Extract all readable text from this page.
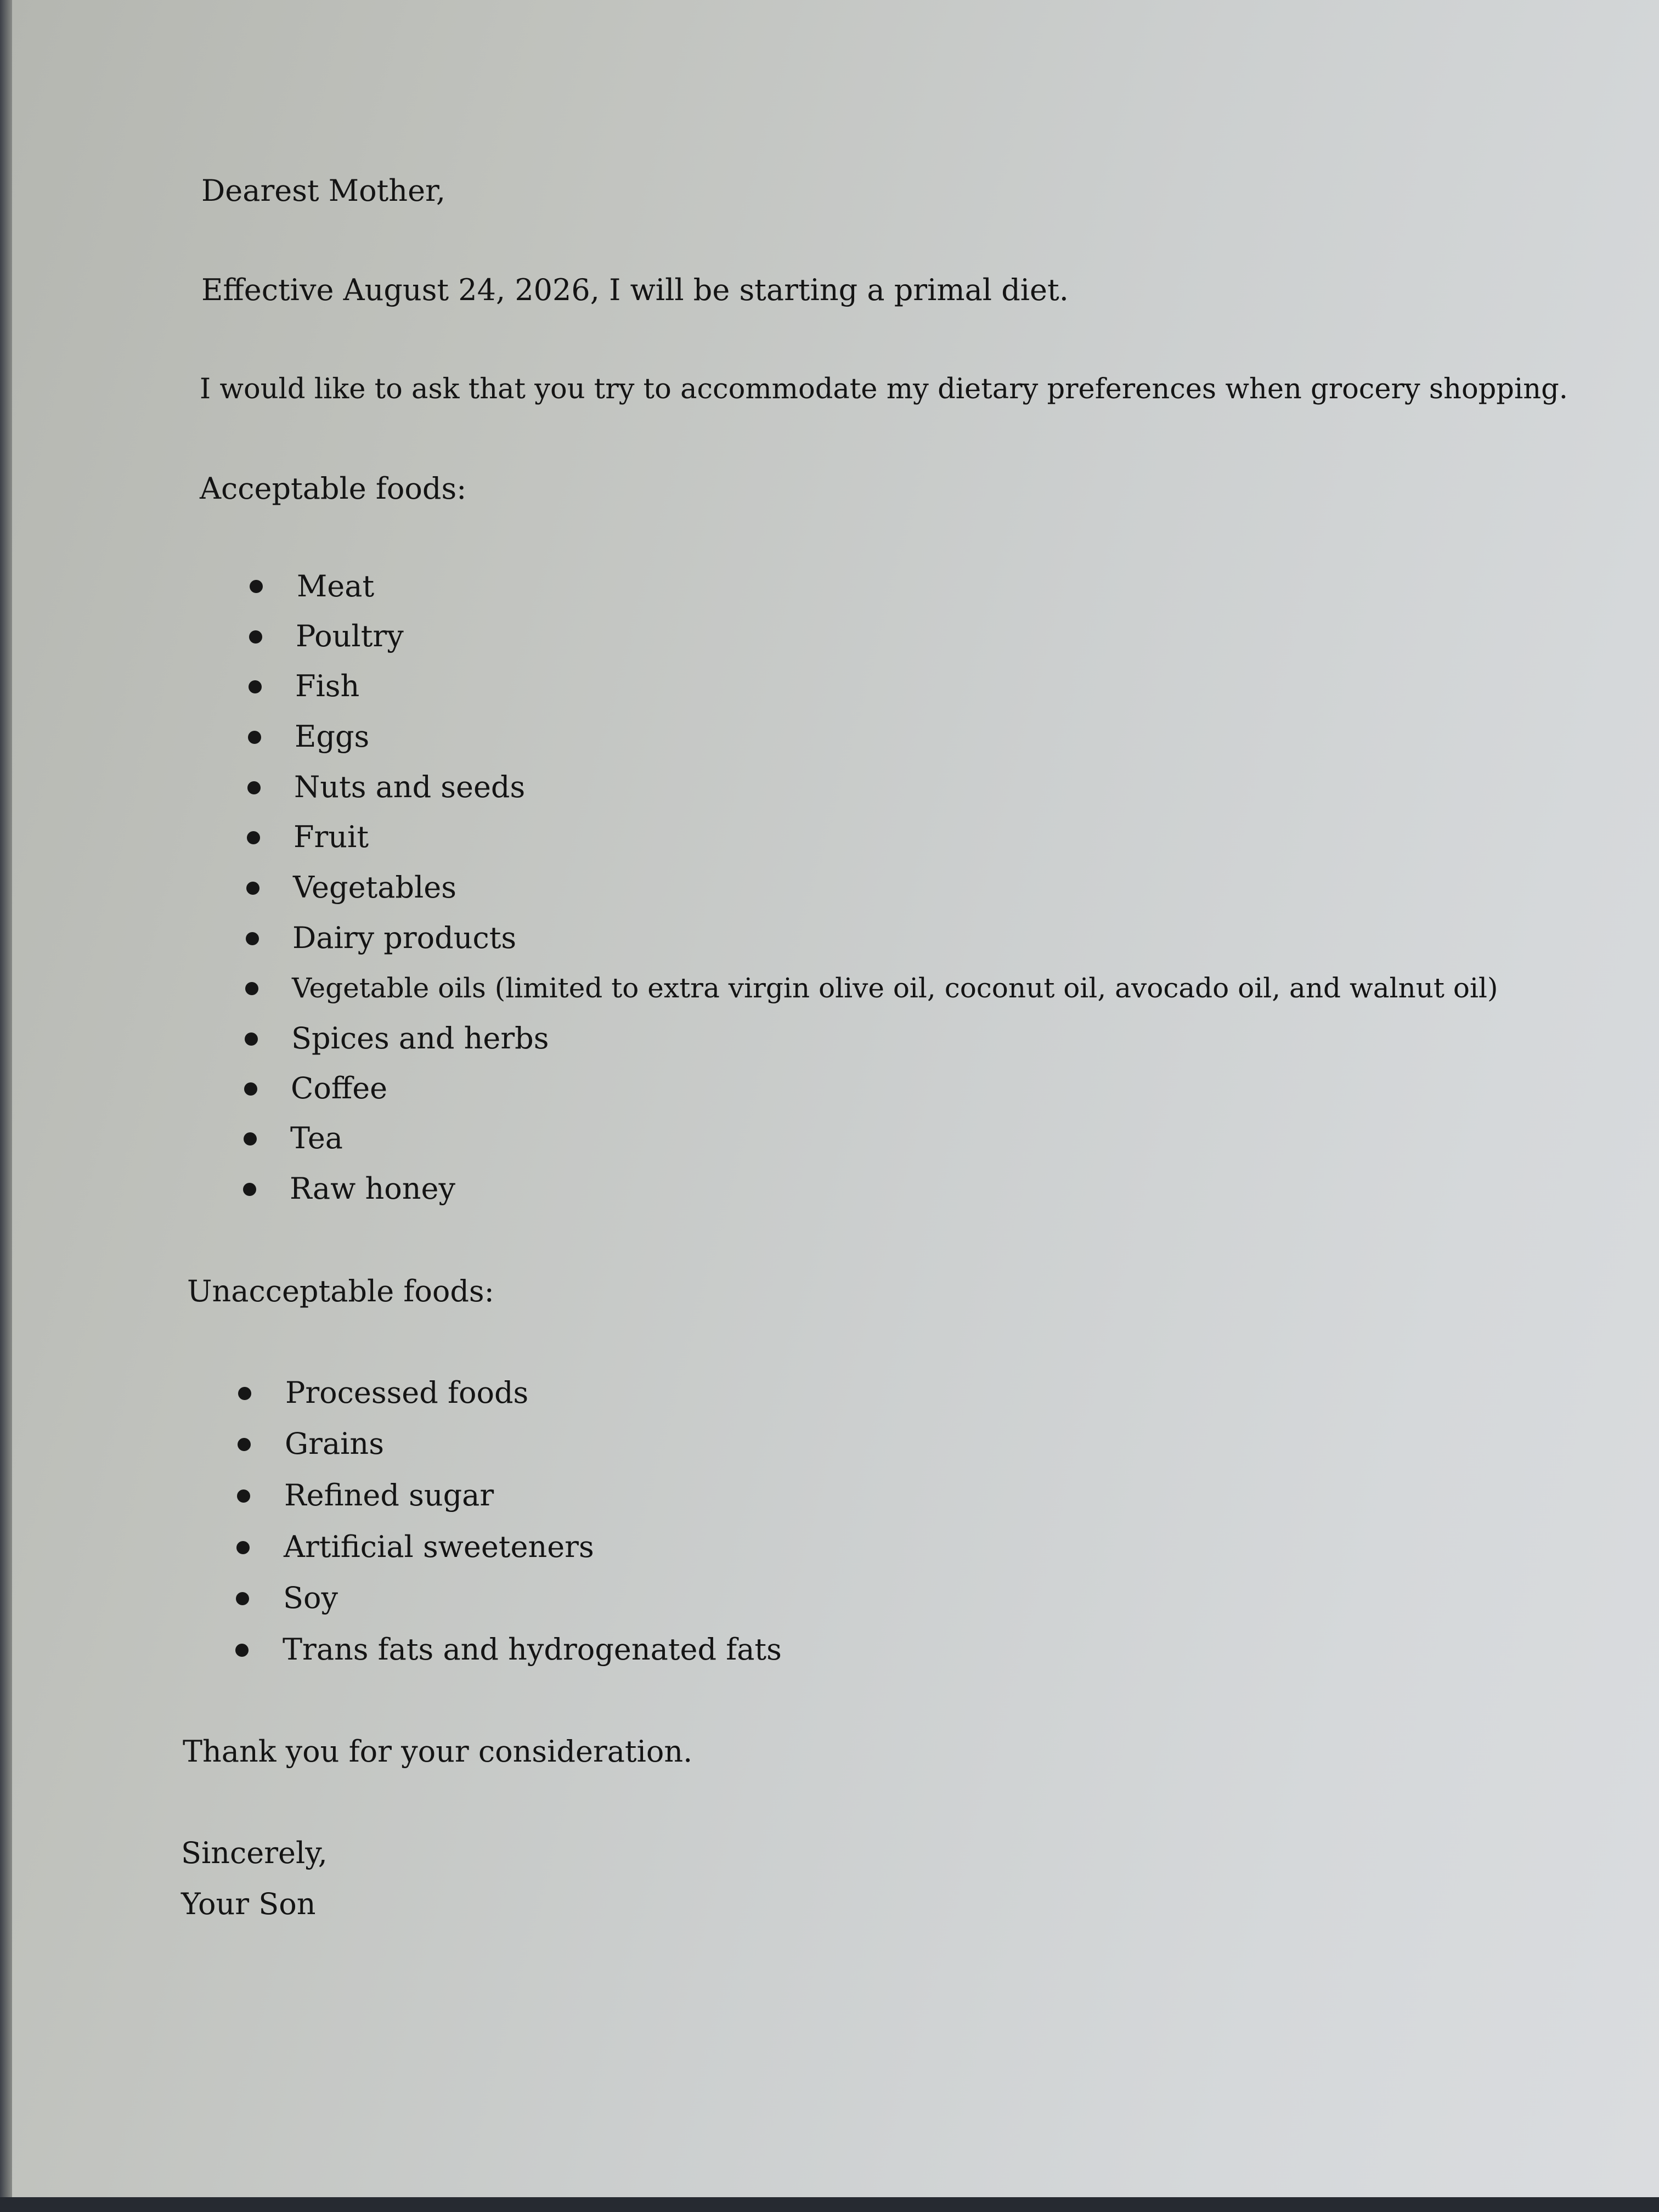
Dearest Mother,
Effective August 24, 2026, I will be starting a primal diet.
I would like to ask that you try to accommodate my dietary preferences when grocery shopping.
Acceptable foods:
Meat
Poultry
Fish
Eggs
Nuts and seeds
Fruit
Vegetables
Dairy products
Vegetable oils (limited to extra virgin olive oil, coconut oil, avocado oil, and walnut oil)
Spices and herbs
Coffee
Tea
Raw honey
Unacceptable foods:
Processed foods
Grains
Refined sugar
Artificial sweeteners
Soy
Trans fats and hydrogenated fats
Thank you for your consideration.
Sincerely,
Your Son
